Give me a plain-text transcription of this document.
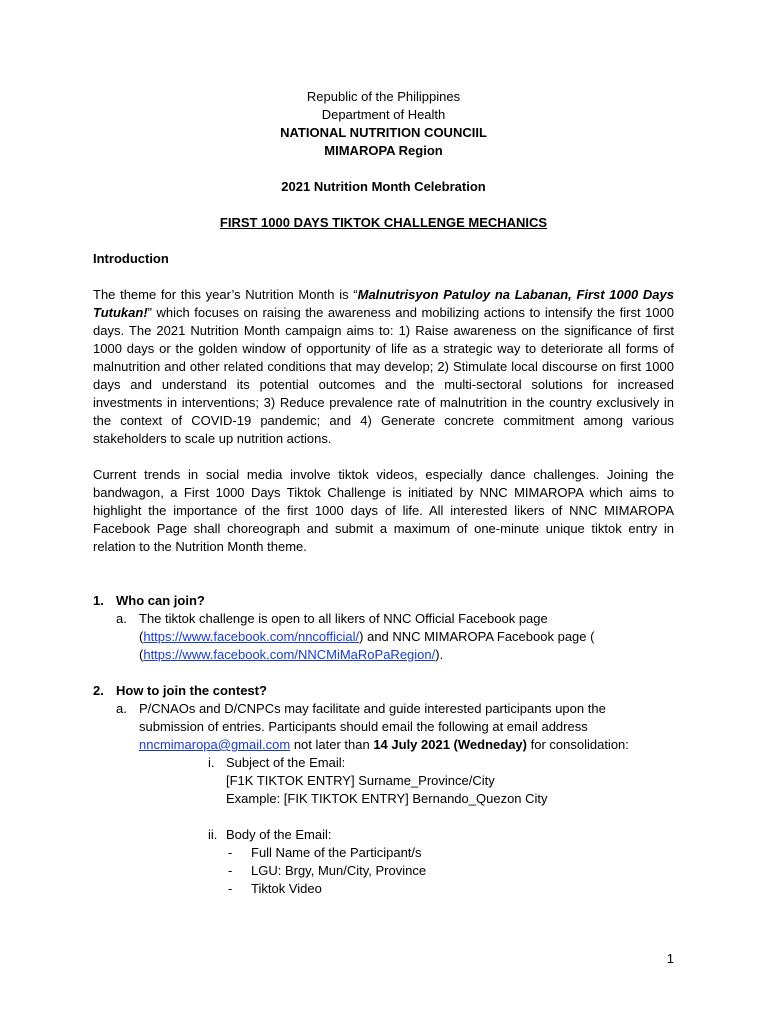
Republic of the Philippines
Department of Health
NATIONAL NUTRITION COUNCIIL
MIMAROPA Region
2021 Nutrition Month Celebration
FIRST 1000 DAYS TIKTOK CHALLENGE MECHANICS
Introduction

The theme for this year’s Nutrition Month is “Malnutrisyon Patuloy na Labanan, First 1000 Days Tutukan!” which focuses on raising the awareness and mobilizing actions to intensify the first 1000 days. The 2021 Nutrition Month campaign aims to: 1) Raise awareness on the significance of first 1000 days or the golden window of opportunity of life as a strategic way to deteriorate all forms of malnutrition and other related conditions that may develop; 2) Stimulate local discourse on first 1000 days and understand its potential outcomes and the multi-sectoral solutions for increased investments in interventions; 3) Reduce prevalence rate of malnutrition in the country exclusively in the context of COVID-19 pandemic; and 4) Generate concrete commitment among various stakeholders to scale up nutrition actions.

Current trends in social media involve tiktok videos, especially dance challenges. Joining the bandwagon, a First 1000 Days Tiktok Challenge is initiated by NNC MIMAROPA which aims to highlight the importance of the first 1000 days of life. All interested likers of NNC MIMAROPA Facebook Page shall choreograph and submit a maximum of one-minute unique tiktok entry in relation to the Nutrition Month theme.

1. Who can join?
a. The tiktok challenge is open to all likers of NNC Official Facebook page (https://www.facebook.com/nncofficial/) and NNC MIMAROPA Facebook page (
(https://www.facebook.com/NNCMiMaRoPaRegion/).
2. How to join the contest?
a. P/CNAOs and D/CNPCs may facilitate and guide interested participants upon the submission of entries. Participants should email the following at email address nncmimaropa@gmail.com not later than 14 July 2021 (Wedneday) for consolidation:
i. Subject of the Email:
[F1K TIKTOK ENTRY] Surname_Province/City
Example: [FIK TIKTOK ENTRY] Bernando_Quezon City
ii. Body of the Email:
- Full Name of the Participant/s
- LGU: Brgy, Mun/City, Province
- Tiktok Video
1
